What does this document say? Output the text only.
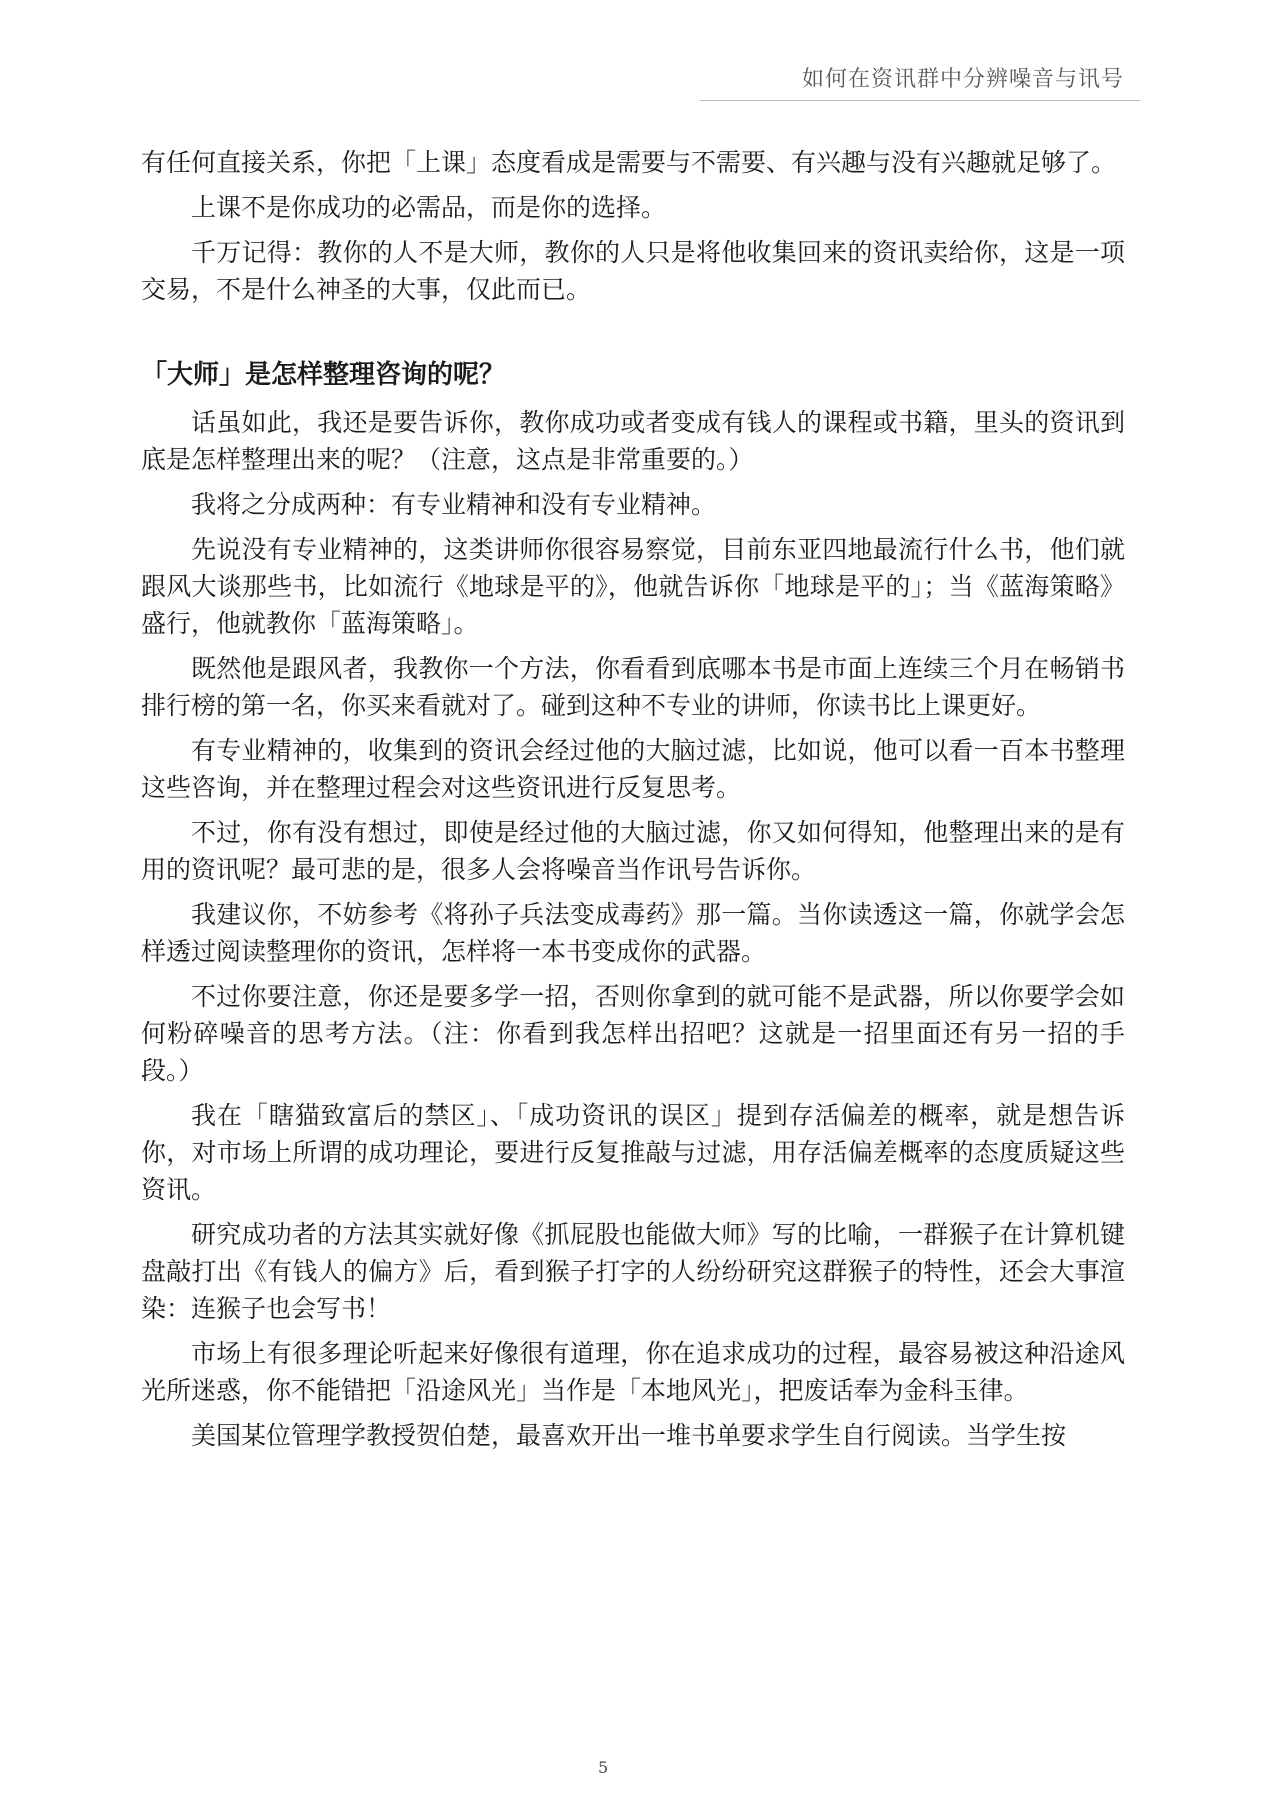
如何在资讯群中分辨噪音与讯号

有任何直接关系，你把「上课」态度看成是需要与不需要、有兴趣与没有兴趣就足够了。

上课不是你成功的必需品，而是你的选择。

千万记得：教你的人不是大师，教你的人只是将他收集回来的资讯卖给你，这是一项交易，不是什么神圣的大事，仅此而已。

「大师」是怎样整理咨询的呢？

话虽如此，我还是要告诉你，教你成功或者变成有钱人的课程或书籍，里头的资讯到底是怎样整理出来的呢？（注意，这点是非常重要的。）

我将之分成两种：有专业精神和没有专业精神。

先说没有专业精神的，这类讲师你很容易察觉，目前东亚四地最流行什么书，他们就跟风大谈那些书，比如流行《地球是平的》，他就告诉你「地球是平的」；当《蓝海策略》盛行，他就教你「蓝海策略」。

既然他是跟风者，我教你一个方法，你看看到底哪本书是市面上连续三个月在畅销书排行榜的第一名，你买来看就对了。碰到这种不专业的讲师，你读书比上课更好。

有专业精神的，收集到的资讯会经过他的大脑过滤，比如说，他可以看一百本书整理这些咨询，并在整理过程会对这些资讯进行反复思考。

不过，你有没有想过，即使是经过他的大脑过滤，你又如何得知，他整理出来的是有用的资讯呢？最可悲的是，很多人会将噪音当作讯号告诉你。

我建议你，不妨参考《将孙子兵法变成毒药》那一篇。当你读透这一篇，你就学会怎样透过阅读整理你的资讯，怎样将一本书变成你的武器。

不过你要注意，你还是要多学一招，否则你拿到的就可能不是武器，所以你要学会如何粉碎噪音的思考方法。（注：你看到我怎样出招吧？这就是一招里面还有另一招的手段。）

我在「瞎猫致富后的禁区」、「成功资讯的误区」提到存活偏差的概率，就是想告诉你，对市场上所谓的成功理论，要进行反复推敲与过滤，用存活偏差概率的态度质疑这些资讯。

研究成功者的方法其实就好像《抓屁股也能做大师》写的比喻，一群猴子在计算机键盘敲打出《有钱人的偏方》后，看到猴子打字的人纷纷研究这群猴子的特性，还会大事渲染：连猴子也会写书！

市场上有很多理论听起来好像很有道理，你在追求成功的过程，最容易被这种沿途风光所迷惑，你不能错把「沿途风光」当作是「本地风光」，把废话奉为金科玉律。

美国某位管理学教授贺伯楚，最喜欢开出一堆书单要求学生自行阅读。当学生按

5
